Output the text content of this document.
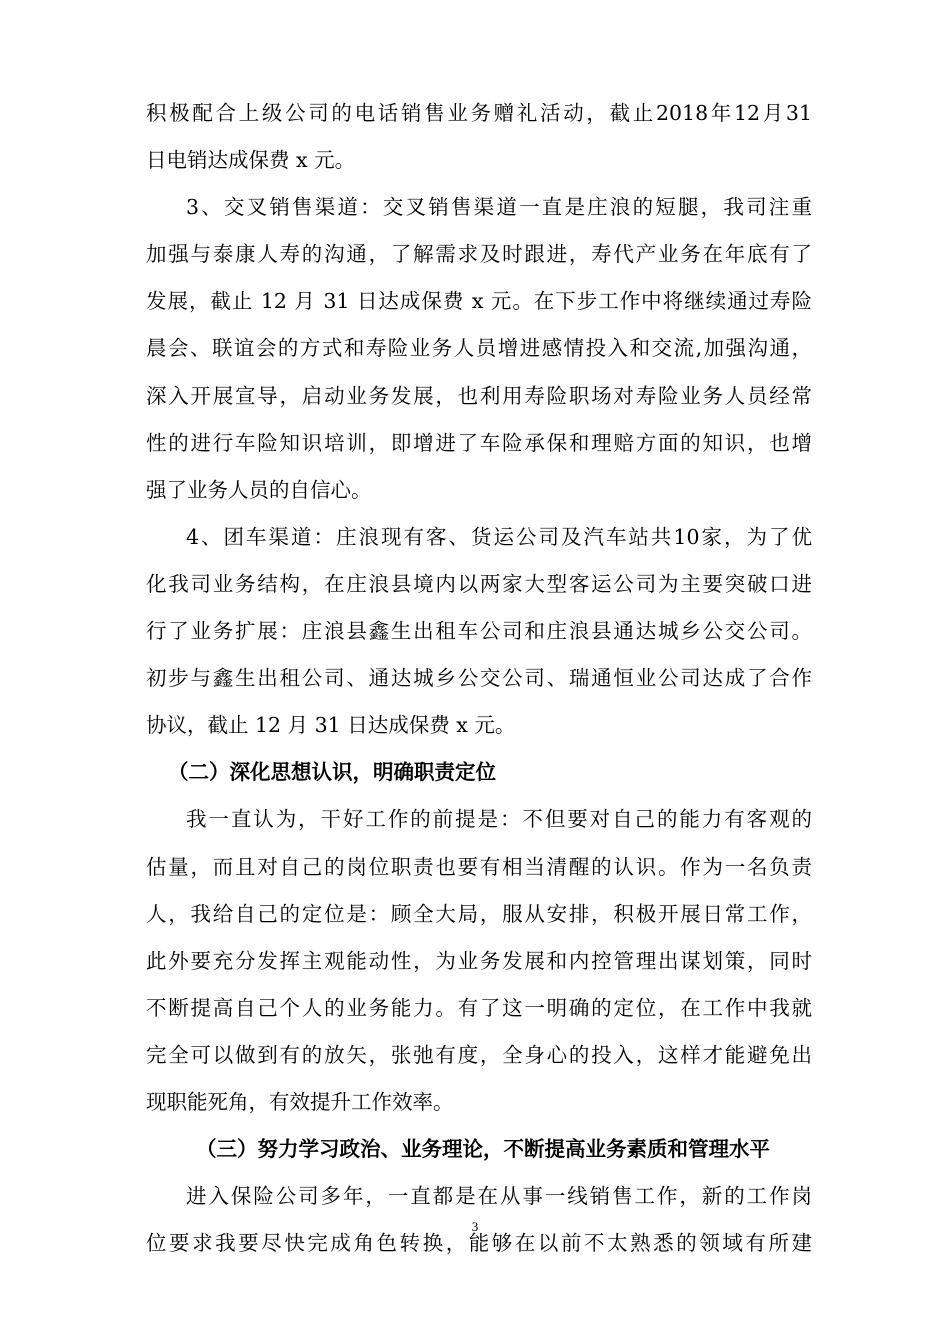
积极配合上级公司的电话销售业务赠礼活动，截止2018年12月31
日电销达成保费 x 元。
3、交叉销售渠道：交叉销售渠道一直是庄浪的短腿，我司注重
加强与泰康人寿的沟通，了解需求及时跟进，寿代产业务在年底有了
发展，截止 12 月 31 日达成保费 x 元。在下步工作中将继续通过寿险
晨会、联谊会的方式和寿险业务人员增进感情投入和交流,加强沟通，
深入开展宣导，启动业务发展，也利用寿险职场对寿险业务人员经常
性的进行车险知识培训，即增进了车险承保和理赔方面的知识，也增
强了业务人员的自信心。
4、团车渠道：庄浪现有客、货运公司及汽车站共10家，为了优
化我司业务结构，在庄浪县境内以两家大型客运公司为主要突破口进
行了业务扩展：庄浪县鑫生出租车公司和庄浪县通达城乡公交公司。
初步与鑫生出租公司、通达城乡公交公司、瑞通恒业公司达成了合作
协议，截止 12 月 31 日达成保费 x 元。
（二）深化思想认识，明确职责定位
我一直认为，干好工作的前提是：不但要对自己的能力有客观的
估量，而且对自己的岗位职责也要有相当清醒的认识。作为一名负责
人，我给自己的定位是：顾全大局，服从安排，积极开展日常工作，
此外要充分发挥主观能动性，为业务发展和内控管理出谋划策，同时
不断提高自己个人的业务能力。有了这一明确的定位，在工作中我就
完全可以做到有的放矢，张弛有度，全身心的投入，这样才能避免出
现职能死角，有效提升工作效率。
（三）努力学习政治、业务理论，不断提高业务素质和管理水平
进入保险公司多年，一直都是在从事一线销售工作，新的工作岗
位要求我要尽快完成角色转换，能够在以前不太熟悉的领域有所建
3
